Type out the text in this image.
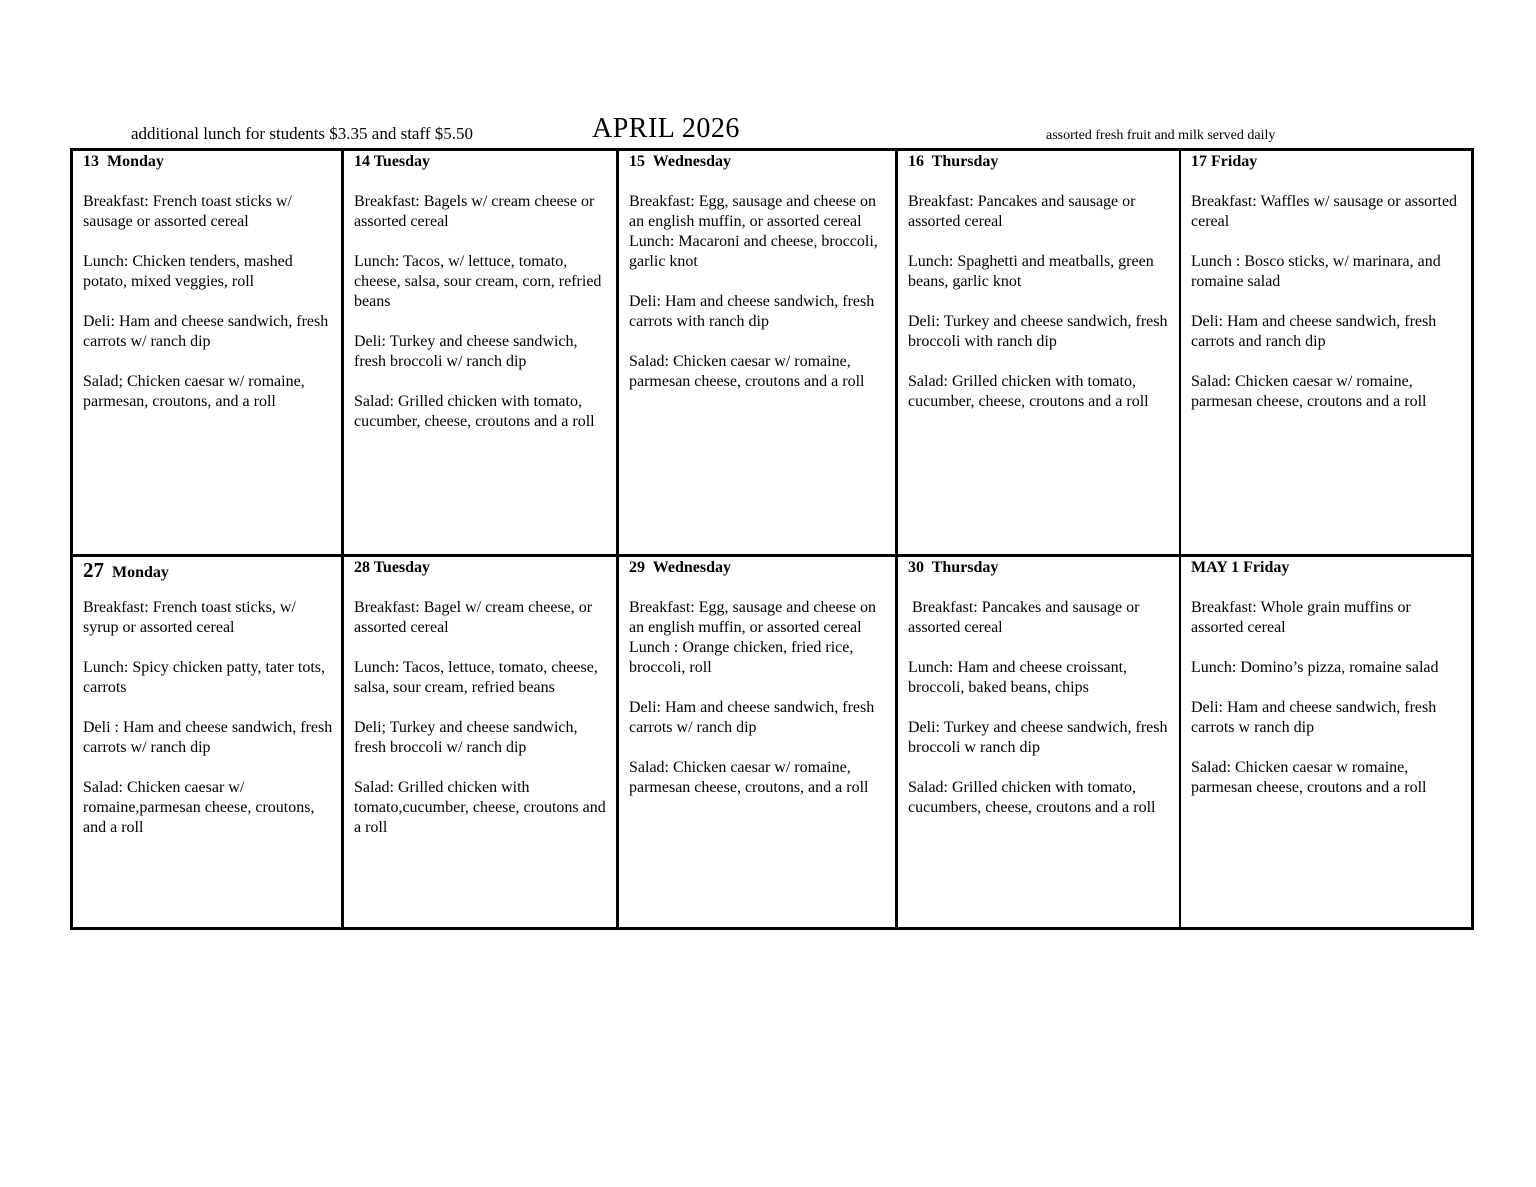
additional lunch for students $3.35 and staff $5.50	APRIL 2026	assorted fresh fruit and milk served daily
13 Monday
Breakfast: French toast sticks w/ sausage or assorted cereal
Lunch: Chicken tenders, mashed potato, mixed veggies, roll
Deli: Ham and cheese sandwich, fresh carrots w/ ranch dip
Salad; Chicken caesar w/ romaine, parmesan, croutons, and a roll
14 Tuesday
Breakfast: Bagels w/ cream cheese or assorted cereal
Lunch: Tacos, w/ lettuce, tomato, cheese, salsa, sour cream, corn, refried beans
Deli: Turkey and cheese sandwich, fresh broccoli w/ ranch dip
Salad: Grilled chicken with tomato, cucumber, cheese, croutons and a roll
15 Wednesday
Breakfast: Egg, sausage and cheese on an english muffin, or assorted cereal
Lunch: Macaroni and cheese, broccoli, garlic knot
Deli: Ham and cheese sandwich, fresh carrots with ranch dip
Salad: Chicken caesar w/ romaine, parmesan cheese, croutons and a roll
16 Thursday
Breakfast: Pancakes and sausage or assorted cereal
Lunch: Spaghetti and meatballs, green beans, garlic knot
Deli: Turkey and cheese sandwich, fresh broccoli with ranch dip
Salad: Grilled chicken with tomato, cucumber, cheese, croutons and a roll
17 Friday
Breakfast: Waffles w/ sausage or assorted cereal
Lunch : Bosco sticks, w/ marinara, and romaine salad
Deli: Ham and cheese sandwich, fresh carrots and ranch dip
Salad: Chicken caesar w/ romaine, parmesan cheese, croutons and a roll
27 Monday
Breakfast: French toast sticks, w/ syrup or assorted cereal
Lunch: Spicy chicken patty, tater tots, carrots
Deli : Ham and cheese sandwich, fresh carrots w/ ranch dip
Salad: Chicken caesar w/ romaine,parmesan cheese, croutons, and a roll
28 Tuesday
Breakfast: Bagel w/ cream cheese, or assorted cereal
Lunch: Tacos, lettuce, tomato, cheese, salsa, sour cream, refried beans
Deli; Turkey and cheese sandwich, fresh broccoli w/ ranch dip
Salad: Grilled chicken with tomato,cucumber, cheese, croutons and a roll
29 Wednesday
Breakfast: Egg, sausage and cheese on an english muffin, or assorted cereal
Lunch : Orange chicken, fried rice, broccoli, roll
Deli: Ham and cheese sandwich, fresh carrots w/ ranch dip
Salad: Chicken caesar w/ romaine, parmesan cheese, croutons, and a roll
30 Thursday
Breakfast: Pancakes and sausage or assorted cereal
Lunch: Ham and cheese croissant, broccoli, baked beans, chips
Deli: Turkey and cheese sandwich, fresh broccoli w ranch dip
Salad: Grilled chicken with tomato, cucumbers, cheese, croutons and a roll
MAY 1 Friday
Breakfast: Whole grain muffins or assorted cereal
Lunch: Domino’s pizza, romaine salad
Deli: Ham and cheese sandwich, fresh carrots w ranch dip
Salad: Chicken caesar w romaine, parmesan cheese, croutons and a roll
